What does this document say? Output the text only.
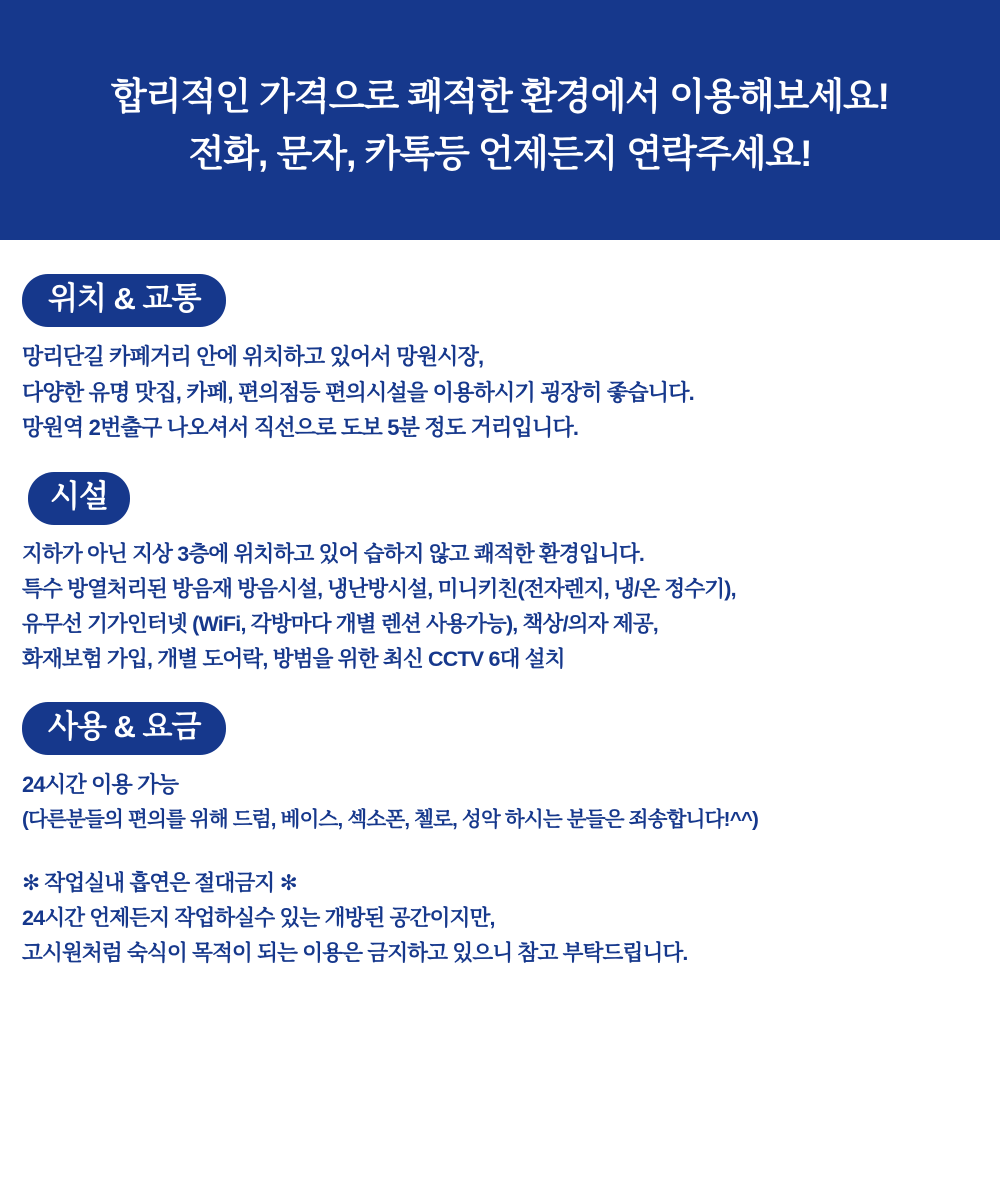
합리적인 가격으로 쾌적한 환경에서 이용해보세요!
전화, 문자, 카톡등 언제든지 연락주세요!
위치 & 교통
망리단길 카페거리 안에 위치하고 있어서 망원시장,
다양한 유명 맛집, 카페, 편의점등 편의시설을 이용하시기 굉장히 좋습니다.
망원역 2번출구 나오셔서 직선으로 도보 5분 정도 거리입니다.
시설
지하가 아닌 지상 3층에 위치하고 있어 습하지 않고 쾌적한 환경입니다.
특수 방열처리된 방음재 방음시설, 냉난방시설, 미니키친(전자렌지, 냉/온 정수기),
유무선 기가인터넷 (WiFi, 각방마다 개별 렌션 사용가능), 책상/의자 제공,
화재보험 가입, 개별 도어락, 방범을 위한 최신 CCTV 6대 설치
사용 & 요금
24시간 이용 가능
(다른분들의 편의를 위해 드럼, 베이스, 섹소폰, 첼로, 성악 하시는 분들은 죄송합니다!^^)
✻ 작업실내 흡연은 절대금지 ✻
24시간 언제든지 작업하실수 있는 개방된 공간이지만,
고시원처럼 숙식이 목적이 되는 이용은 금지하고 있으니 참고 부탁드립니다.
